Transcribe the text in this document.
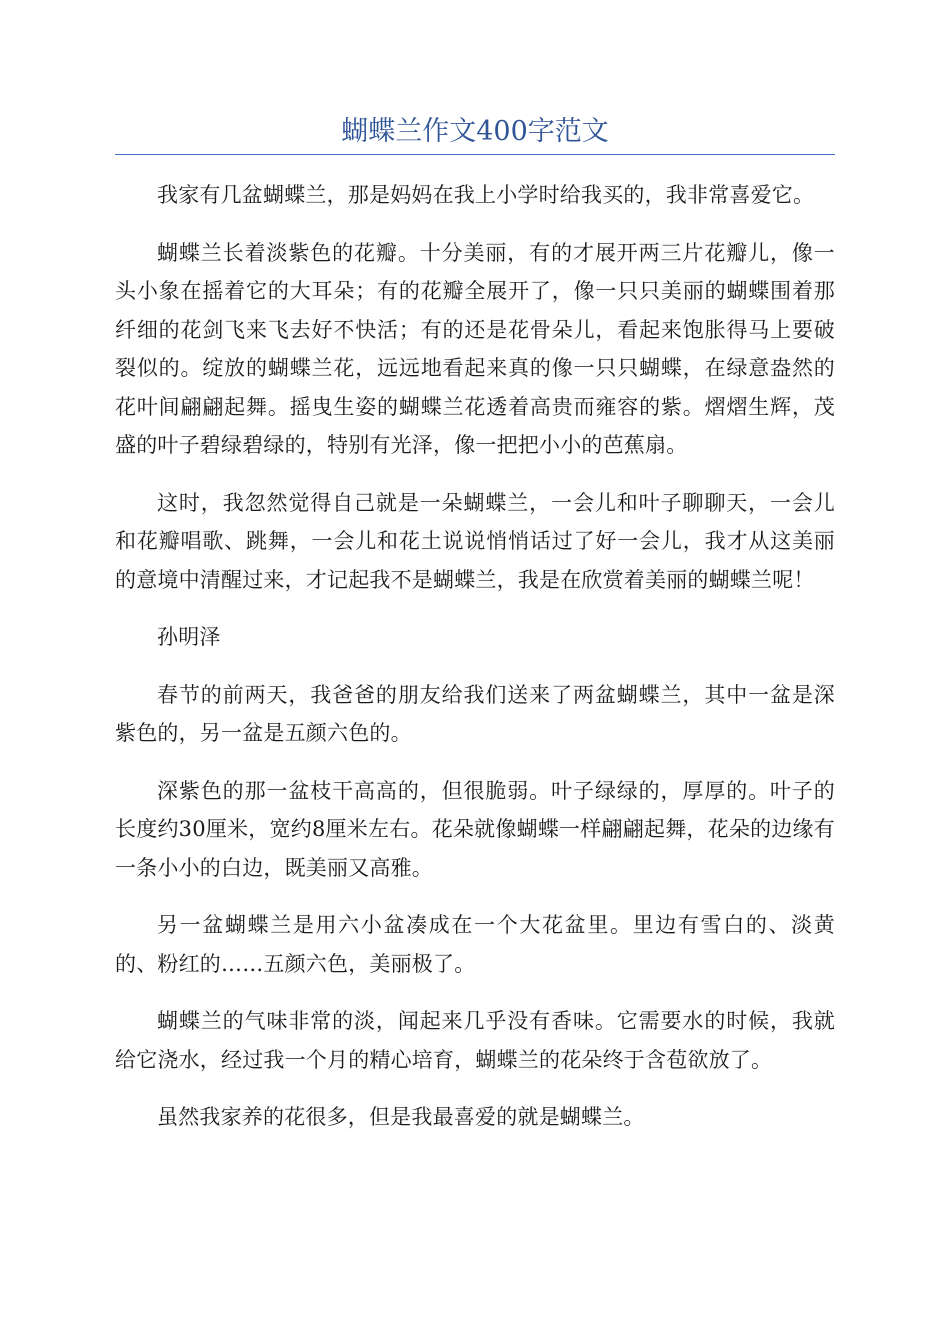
蝴蝶兰作文400字范文

我家有几盆蝴蝶兰，那是妈妈在我上小学时给我买的，我非常喜爱它。

蝴蝶兰长着淡紫色的花瓣。十分美丽，有的才展开两三片花瓣儿，像一头小象在摇着它的大耳朵；有的花瓣全展开了，像一只只美丽的蝴蝶围着那纤细的花剑飞来飞去好不快活；有的还是花骨朵儿，看起来饱胀得马上要破裂似的。绽放的蝴蝶兰花，远远地看起来真的像一只只蝴蝶，在绿意盎然的花叶间翩翩起舞。摇曳生姿的蝴蝶兰花透着高贵而雍容的紫。熠熠生辉，茂盛的叶子碧绿碧绿的，特别有光泽，像一把把小小的芭蕉扇。

这时，我忽然觉得自己就是一朵蝴蝶兰，一会儿和叶子聊聊天，一会儿和花瓣唱歌、跳舞，一会儿和花土说说悄悄话过了好一会儿，我才从这美丽的意境中清醒过来，才记起我不是蝴蝶兰，我是在欣赏着美丽的蝴蝶兰呢！

孙明泽

春节的前两天，我爸爸的朋友给我们送来了两盆蝴蝶兰，其中一盆是深紫色的，另一盆是五颜六色的。

深紫色的那一盆枝干高高的，但很脆弱。叶子绿绿的，厚厚的。叶子的长度约30厘米，宽约8厘米左右。花朵就像蝴蝶一样翩翩起舞，花朵的边缘有一条小小的白边，既美丽又高雅。

另一盆蝴蝶兰是用六小盆凑成在一个大花盆里。里边有雪白的、淡黄的、粉红的……五颜六色，美丽极了。

蝴蝶兰的气味非常的淡，闻起来几乎没有香味。它需要水的时候，我就给它浇水，经过我一个月的精心培育，蝴蝶兰的花朵终于含苞欲放了。

虽然我家养的花很多，但是我最喜爱的就是蝴蝶兰。
